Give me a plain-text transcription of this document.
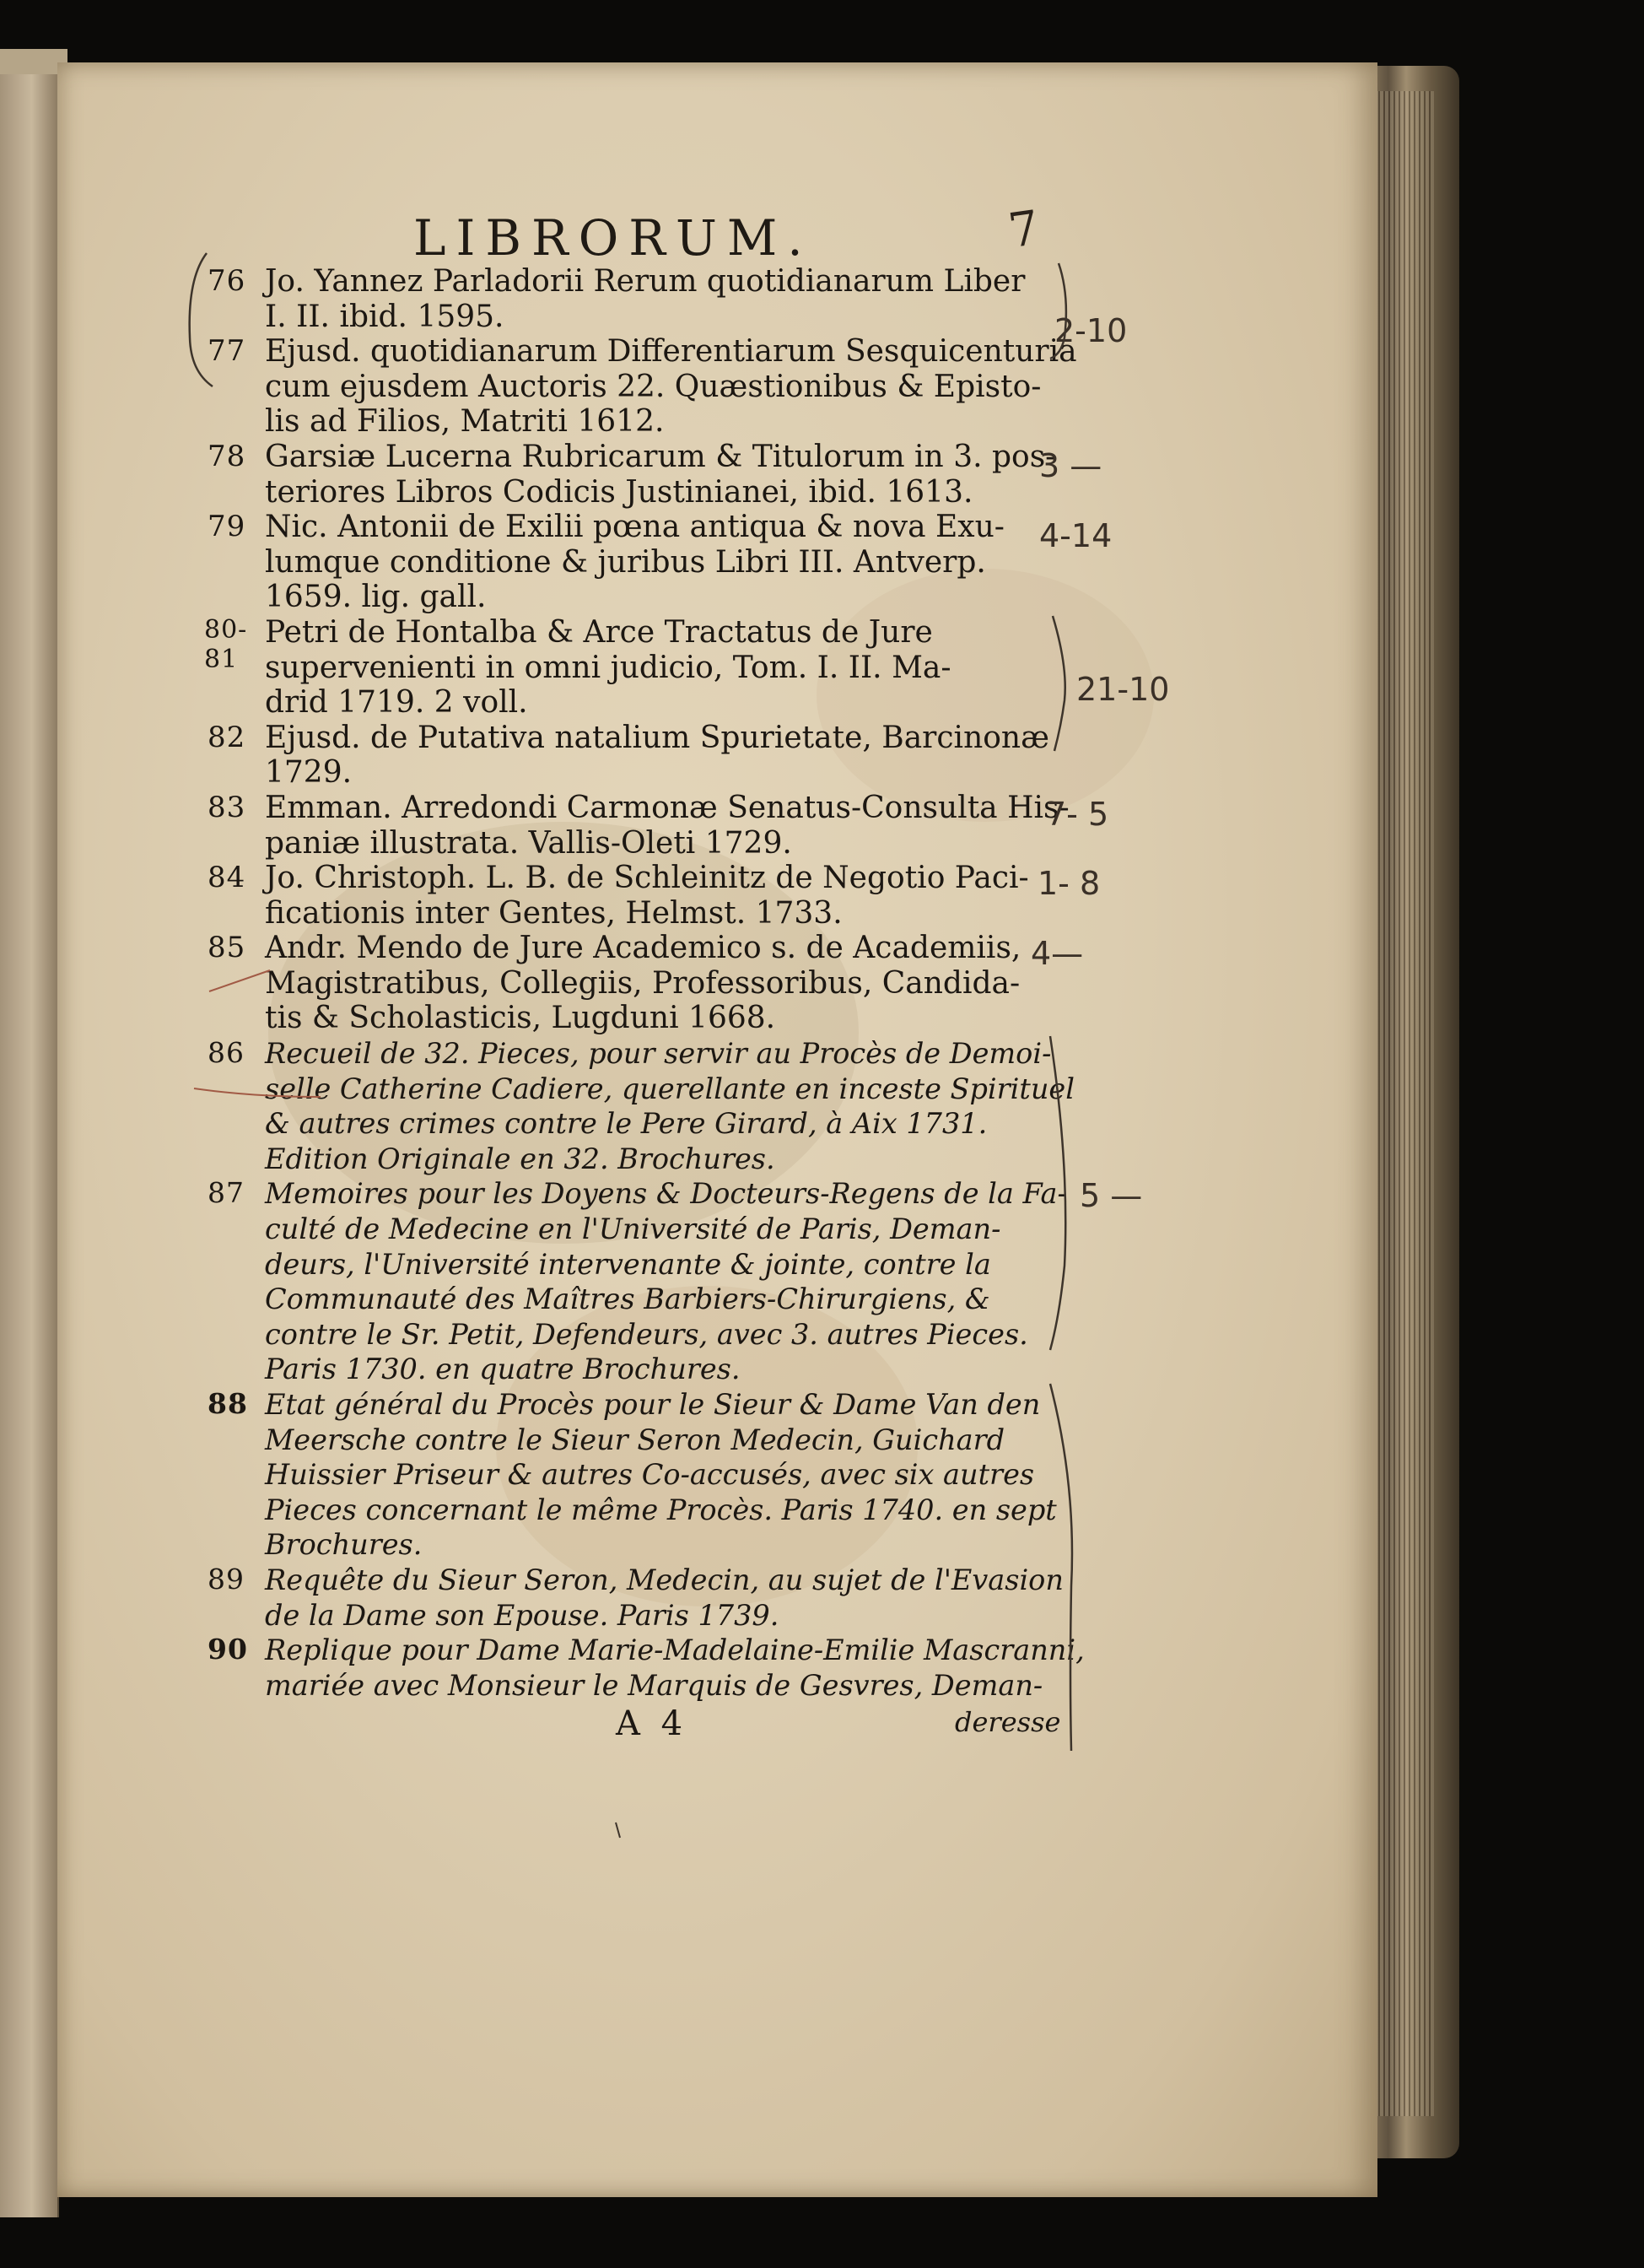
LIBRORUM.	7
76 Jo. Yannez Parladorii Rerum quotidianarum Liber
I. II. ibid. 1595.
77 Ejusd. quotidianarum Differentiarum Sesquicenturia
cum ejusdem Auctoris 22. Quæstionibus & Episto-
lis ad Filios, Matriti 1612.
78 Garsiæ Lucerna Rubricarum & Titulorum in 3. pos-
teriores Libros Codicis Justinianei, ibid. 1613.
79 Nic. Antonii de Exilii pœna antiqua & nova Exu-
lumque conditione & juribus Libri III. Antverp.
1659. lig. gall.
80-81
Petri de Hontalba & Arce Tractatus de Jure
supervenienti in omni judicio, Tom. I. II. Ma-
drid 1719. 2 voll.
82 Ejusd. de Putativa natalium Spurietate, Barcinonæ
1729.
83 Emman. Arredondi Carmonæ Senatus-Consulta His-
paniæ illustrata. Vallis-Oleti 1729.
84 Jo. Christoph. L. B. de Schleinitz de Negotio Paci-
ficationis inter Gentes, Helmst. 1733.
85 Andr. Mendo de Jure Academico s. de Academiis,
Magistratibus, Collegiis, Professoribus, Candida-
tis & Scholasticis, Lugduni 1668.
86 Recueil de 32. Pieces, pour servir au Procès de Demoi-
selle Catherine Cadiere, querellante en inceste Spirituel
& autres crimes contre le Pere Girard, à Aix 1731.
Edition Originale en 32. Brochures.
87 Memoires pour les Doyens & Docteurs-Regens de la Fa-
culté de Medecine en l'Université de Paris, Deman-
deurs, l'Université intervenante & jointe, contre la
Communauté des Maîtres Barbiers-Chirurgiens, &
contre le Sr. Petit, Defendeurs, avec 3. autres Pieces.
Paris 1730. en quatre Brochures.
88 Etat général du Procès pour le Sieur & Dame Van den
Meersche contre le Sieur Seron Medecin, Guichard
Huissier Priseur & autres Co-accusés, avec six autres
Pieces concernant le même Procès. Paris 1740. en sept
Brochures.
89 Requête du Sieur Seron, Medecin, au sujet de l'Evasion
de la Dame son Epouse. Paris 1739.
90 Replique pour Dame Marie-Madelaine-Emilie Mascranni,
mariée avec Monsieur le Marquis de Gesvres, Deman-
A 4	deresse
2-10
3 —
4-14
21-10
7- 5
1- 8
4—
5 —
